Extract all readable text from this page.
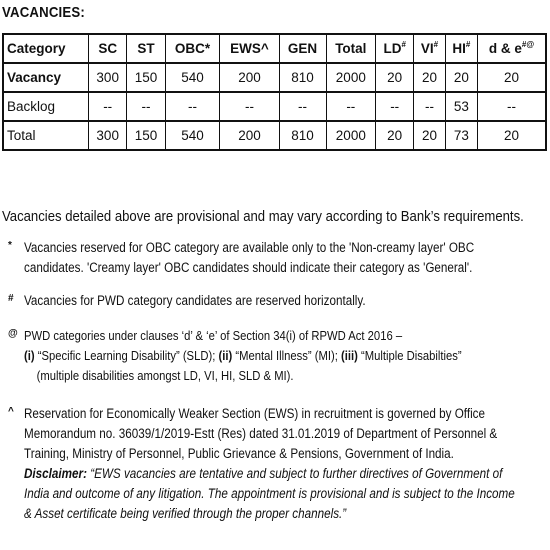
VACANCIES:
Category	SC	ST	OBC*	EWS^	GEN	Total	LD#	VI#	HI#	d & e#@
Vacancy	300	150	540	200	810	2000	20	20	20	20
Backlog	--	--	--	--	--	--	--	--	53	--
Total	300	150	540	200	810	2000	20	20	73	20
Vacancies detailed above are provisional and may vary according to Bank’s requirements.
* Vacancies reserved for OBC category are available only to the 'Non-creamy layer' OBC
candidates. 'Creamy layer' OBC candidates should indicate their category as 'General'.
# Vacancies for PWD category candidates are reserved horizontally.
@ PWD categories under clauses ‘d’ & ‘e’ of Section 34(i) of RPWD Act 2016 –
(i) “Specific Learning Disability” (SLD); (ii) “Mental Illness” (MI); (iii) “Multiple Disabilties”
(multiple disabilities amongst LD, VI, HI, SLD & MI).
^ Reservation for Economically Weaker Section (EWS) in recruitment is governed by Office
Memorandum no. 36039/1/2019-Estt (Res) dated 31.01.2019 of Department of Personnel &
Training, Ministry of Personnel, Public Grievance & Pensions, Government of India.
Disclaimer: “EWS vacancies are tentative and subject to further directives of Government of
India and outcome of any litigation. The appointment is provisional and is subject to the Income
& Asset certificate being verified through the proper channels.”
